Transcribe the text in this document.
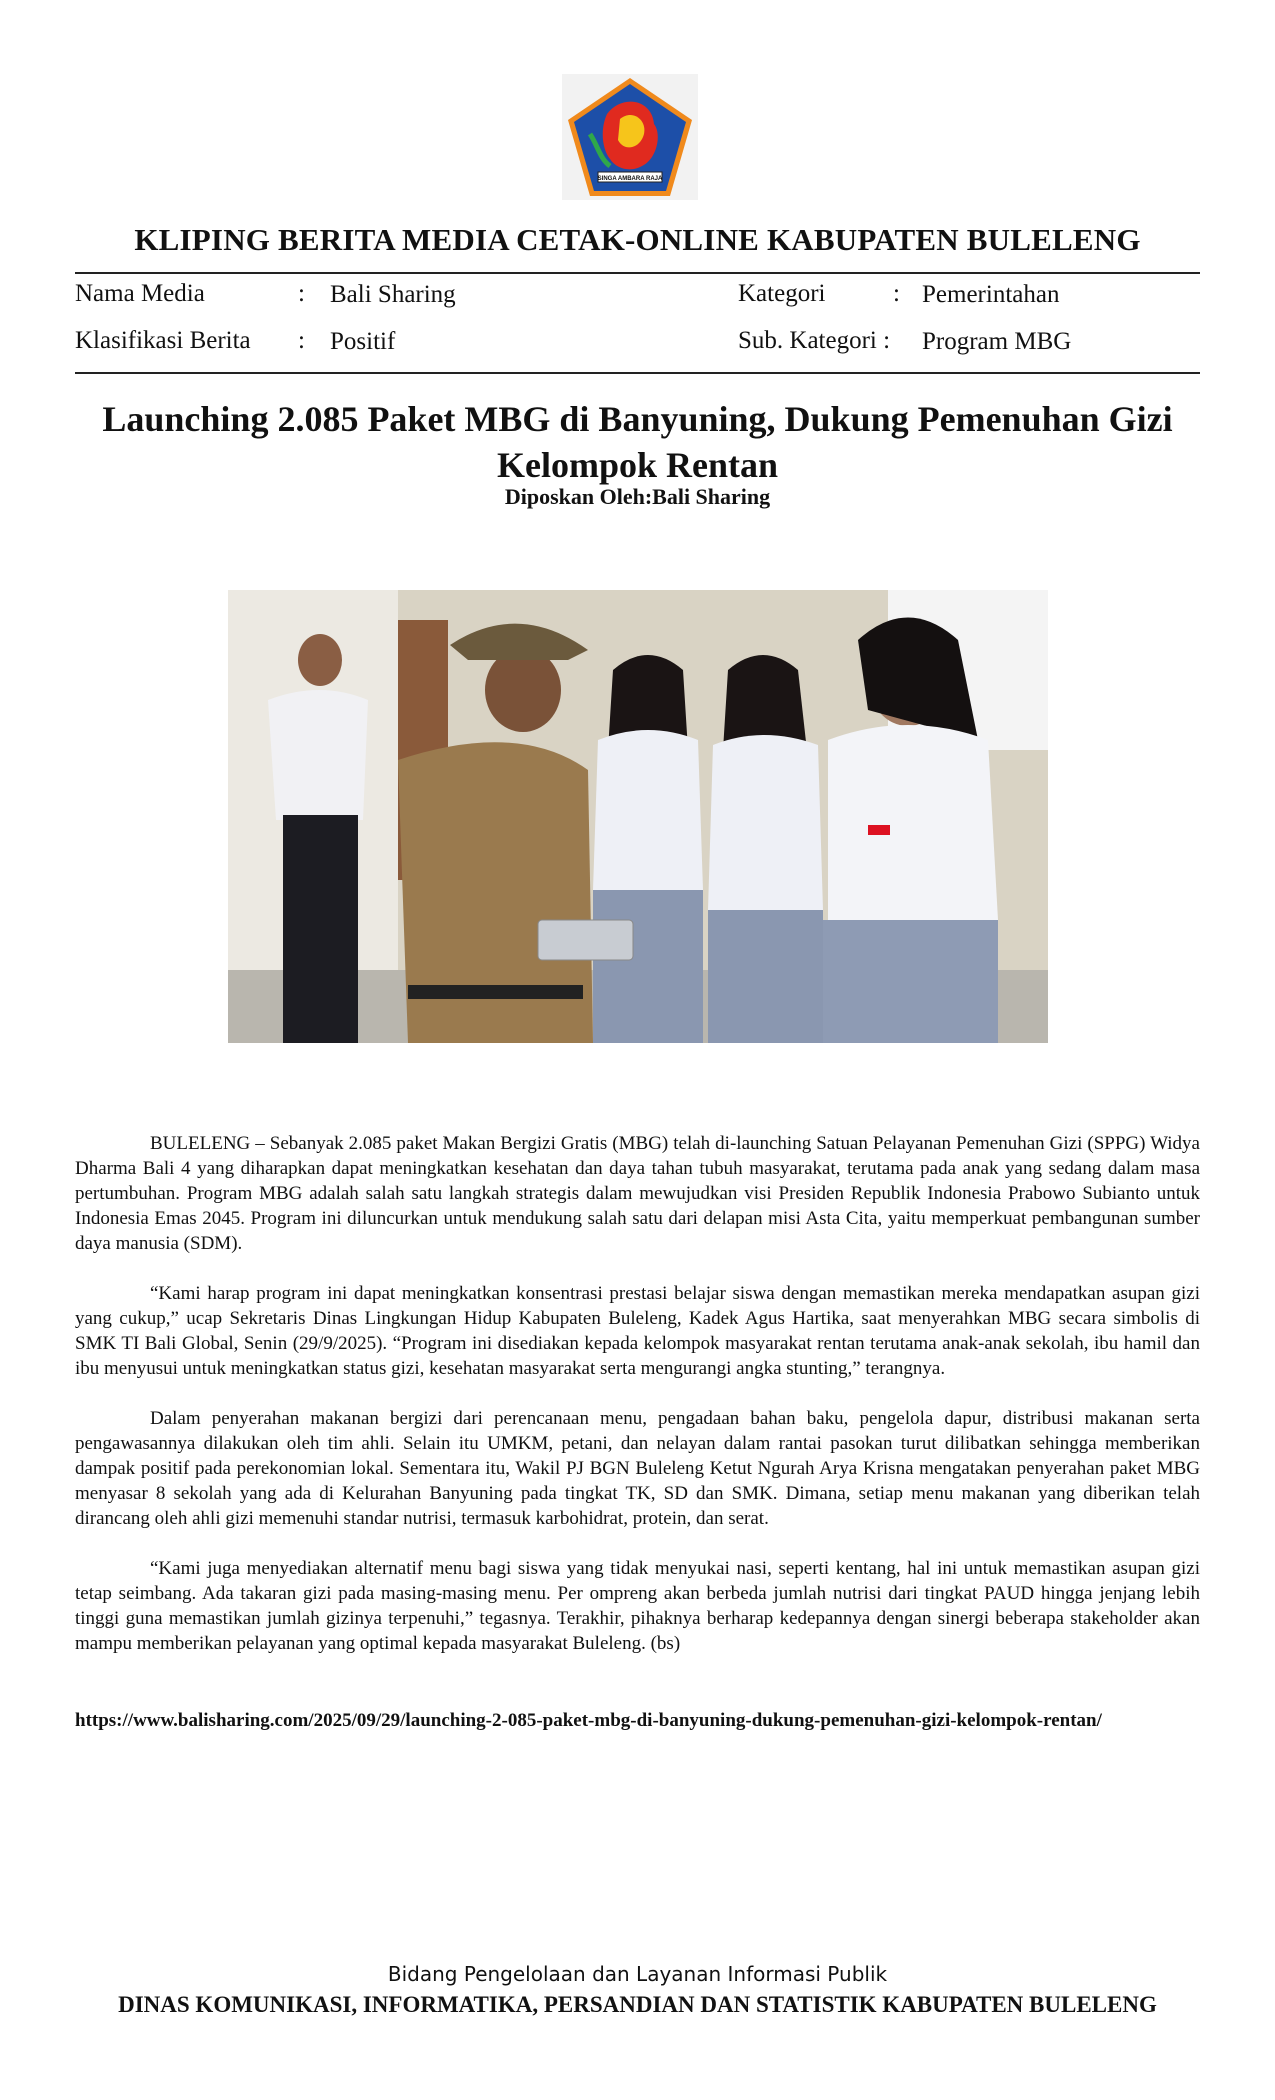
SINGA AMBARA RAJA
KLIPING BERITA MEDIA CETAK-ONLINE KABUPATEN BULELENG
Nama Media	: Bali Sharing	Kategori	: Pemerintahan
Klasifikasi Berita : Positif	Sub. Kategori : Program MBG
Launching 2.085 Paket MBG di Banyuning, Dukung Pemenuhan Gizi Kelompok Rentan
Diposkan Oleh:Bali Sharing

BULELENG – Sebanyak 2.085 paket Makan Bergizi Gratis (MBG) telah di-launching Satuan Pelayanan Pemenuhan Gizi (SPPG) Widya Dharma Bali 4 yang diharapkan dapat meningkatkan kesehatan dan daya tahan tubuh masyarakat, terutama pada anak yang sedang dalam masa pertumbuhan. Program MBG adalah salah satu langkah strategis dalam mewujudkan visi Presiden Republik Indonesia Prabowo Subianto untuk Indonesia Emas 2045. Program ini diluncurkan untuk mendukung salah satu dari delapan misi Asta Cita, yaitu memperkuat pembangunan sumber daya manusia (SDM).

“Kami harap program ini dapat meningkatkan konsentrasi prestasi belajar siswa dengan memastikan mereka mendapatkan asupan gizi yang cukup,” ucap Sekretaris Dinas Lingkungan Hidup Kabupaten Buleleng, Kadek Agus Hartika, saat menyerahkan MBG secara simbolis di SMK TI Bali Global, Senin (29/9/2025). “Program ini disediakan kepada kelompok masyarakat rentan terutama anak-anak sekolah, ibu hamil dan ibu menyusui untuk meningkatkan status gizi, kesehatan masyarakat serta mengurangi angka stunting,” terangnya.

Dalam penyerahan makanan bergizi dari perencanaan menu, pengadaan bahan baku, pengelola dapur, distribusi makanan serta pengawasannya dilakukan oleh tim ahli. Selain itu UMKM, petani, dan nelayan dalam rantai pasokan turut dilibatkan sehingga memberikan dampak positif pada perekonomian lokal. Sementara itu, Wakil PJ BGN Buleleng Ketut Ngurah Arya Krisna mengatakan penyerahan paket MBG menyasar 8 sekolah yang ada di Kelurahan Banyuning pada tingkat TK, SD dan SMK. Dimana, setiap menu makanan yang diberikan telah dirancang oleh ahli gizi memenuhi standar nutrisi, termasuk karbohidrat, protein, dan serat.

“Kami juga menyediakan alternatif menu bagi siswa yang tidak menyukai nasi, seperti kentang, hal ini untuk memastikan asupan gizi tetap seimbang. Ada takaran gizi pada masing-masing menu. Per ompreng akan berbeda jumlah nutrisi dari tingkat PAUD hingga jenjang lebih tinggi guna memastikan jumlah gizinya terpenuhi,” tegasnya. Terakhir, pihaknya berharap kedepannya dengan sinergi beberapa stakeholder akan mampu memberikan pelayanan yang optimal kepada masyarakat Buleleng. (bs)

https://www.balisharing.com/2025/09/29/launching-2-085-paket-mbg-di-banyuning-dukung-pemenuhan-gizi-kelompok-rentan/
Bidang Pengelolaan dan Layanan Informasi Publik
DINAS KOMUNIKASI, INFORMATIKA, PERSANDIAN DAN STATISTIK KABUPATEN BULELENG
